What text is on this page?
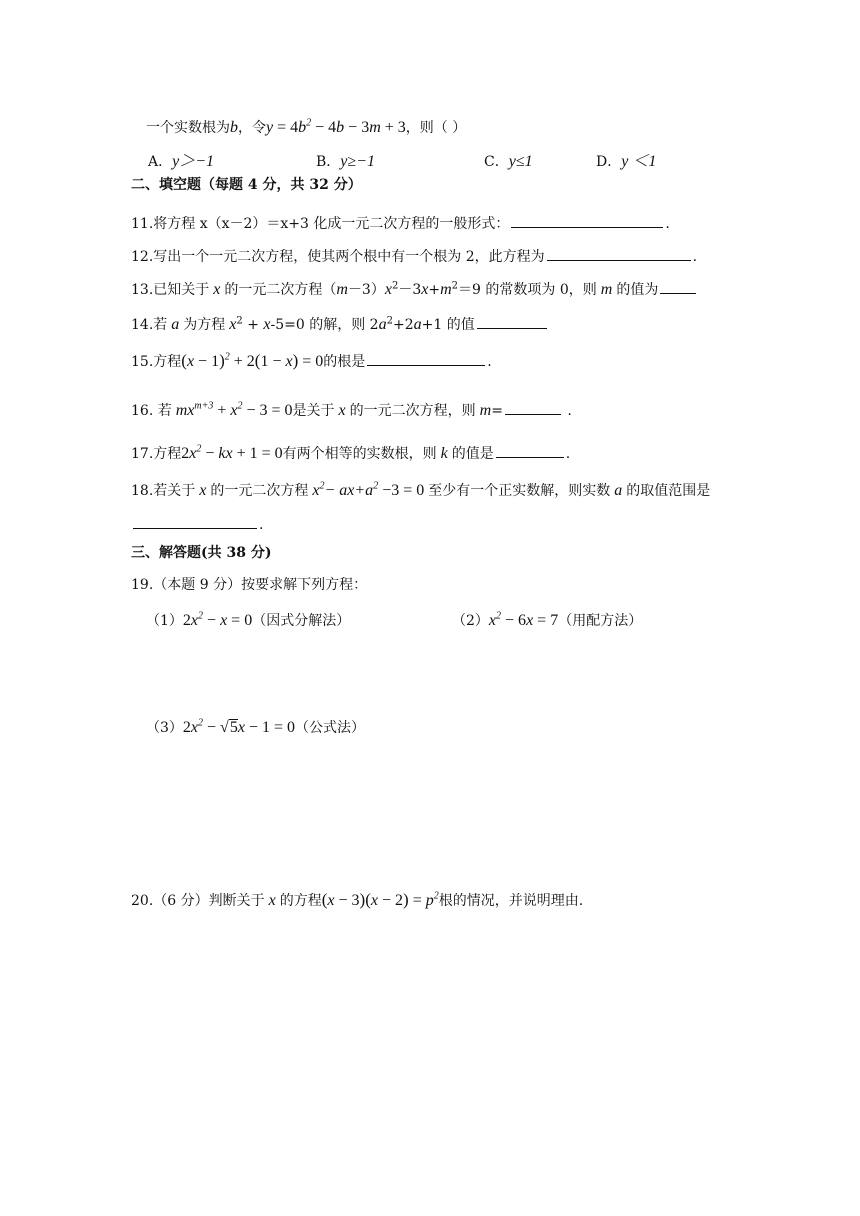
一个实数根为b，令$y = 4b^2 - 4b - 3m + 3$，则（ ）
A．y＞−1	B．y≥−1	C．y≤1	D．y ＜1
二、填空题（每题 4 分，共 32 分）
11.将方程 x（x－2）＝x+3 化成一元二次方程的一般形式：	.
12.写出一个一元二次方程，使其两个根中有一个根为 2，此方程为	.
13.已知关于 x 的一元二次方程$(m-3)x^2-3x+m^2=9$ 的常数项为 0，则 m 的值为
14.若 a 为方程 $x^2 + x-5=0$ 的解，则 $2a^2+2a+1$ 的值
15.方程$(x - 1)^2 + 2(1 - x) = 0$的根是	.
16. 若 $mx^{m+3} + x^2 - 3 = 0$是关于 x 的一元二次方程，则 m=	.
17.方程$2x^2$ − kx + 1 = 0有两个相等的实数根，则 k 的值是	.
18.若关于 x 的一元二次方程 $x^2- ax+a^2 -3 = 0$ 至少有一个正实数解，则实数 a 的取值范围是
.
三、解答题(共 38 分)
19.（本题 9 分）按要求解下列方程：
$(1)2x^2 - x = 0$（因式分解法）	$(2)x^2 - 6x = 7$（用配方法）
$(3)2x^2 - √5x - 1 = 0$（公式法）
20.（6 分）判断关于 x 的方程$(x - 3)(x - 2) = p^2$根的情况，并说明理由.
